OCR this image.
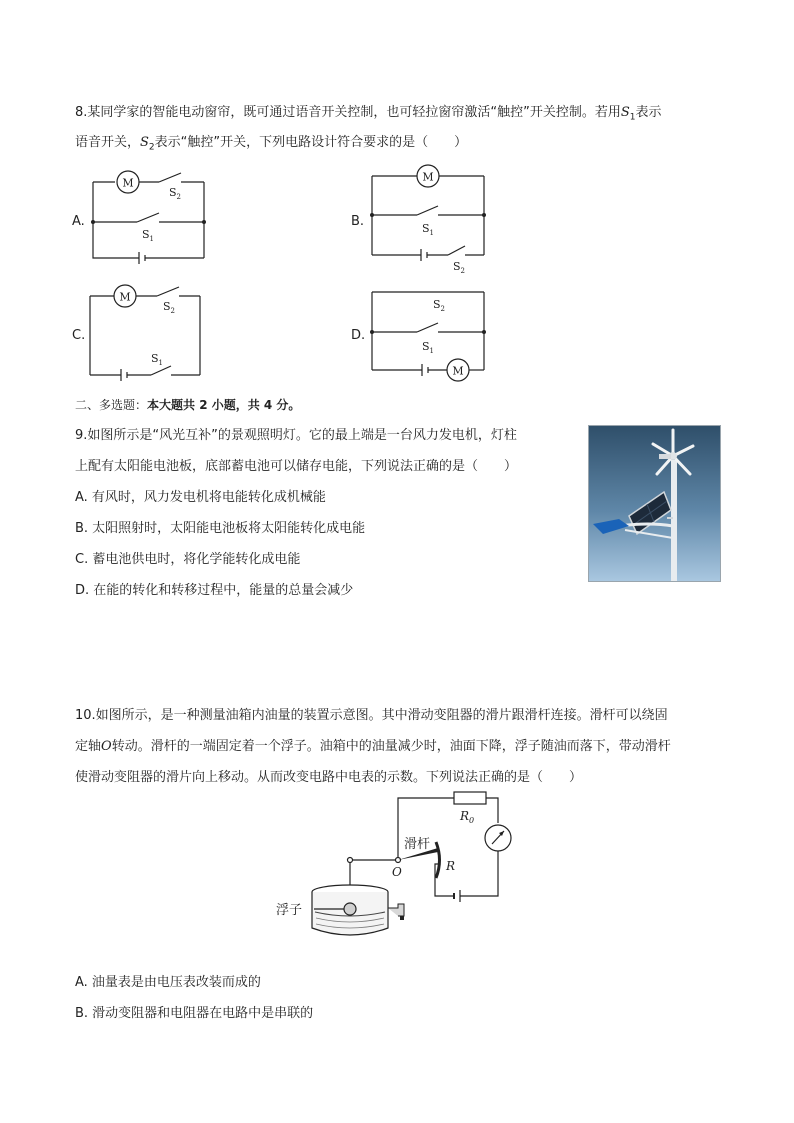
8.某同学家的智能电动窗帘，既可通过语音开关控制，也可轻拉窗帘激活“触控”开关控制。若用$S_1$表示
语音开关，$S_2$表示“触控”开关，下列电路设计符合要求的是（　　）
A.
M
$S_2$
$S_1$
B.
M
$S_1$
$S_2$
C.
M
$S_2$
$S_1$
D.
$S_2$
$S_1$
M
二、多选题：本大题共 2 小题，共 4 分。
9.如图所示是“风光互补”的景观照明灯。它的最上端是一台风力发电机，灯柱
上配有太阳能电池板，底部蓄电池可以储存电能，下列说法正确的是（　　）
A. 有风时，风力发电机将电能转化成机械能
B. 太阳照射时，太阳能电池板将太阳能转化成电能
C. 蓄电池供电时，将化学能转化成电能
D. 在能的转化和转移过程中，能量的总量会减少
10.如图所示，是一种测量油箱内油量的装置示意图。其中滑动变阻器的滑片跟滑杆连接。滑杆可以绕固
定轴O转动。滑杆的一端固定着一个浮子。油箱中的油量减少时，油面下降，浮子随油而落下，带动滑杆
使滑动变阻器的滑片向上移动。从而改变电路中电表的示数。下列说法正确的是（　　）
$R_0$
滑杆
O	R
浮子
A. 油量表是由电压表改装而成的
B. 滑动变阻器和电阻器在电路中是串联的
